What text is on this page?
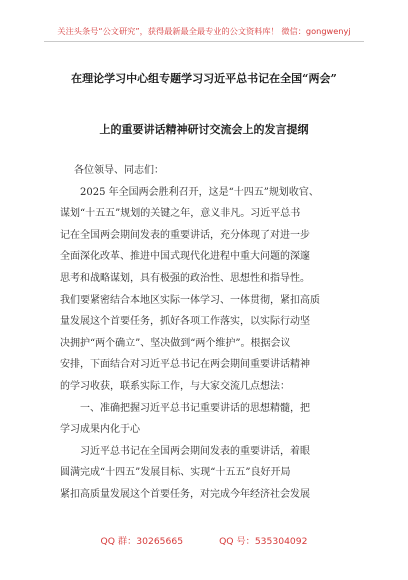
关注头条号“公文研究”，获得最新最全最专业的公文资料库！ 微信：gongwenyj
在理论学习中心组专题学习习近平总书记在全国“两会”
上的重要讲话精神研讨交流会上的发言提纲

各位领导、同志们：

　　2025 年全国两会胜利召开，这是“十四五”规划收官、
谋划“十五五”规划的关键之年，意义非凡。习近平总书
记在全国两会期间发表的重要讲话，充分体现了对进一步
全面深化改革、推进中国式现代化进程中重大问题的深邃
思考和战略谋划，具有极强的政治性、思想性和指导性。
我们要紧密结合本地区实际一体学习、一体贯彻，紧扣高质
量发展这个首要任务，抓好各项工作落实，以实际行动坚
决拥护“两个确立”、坚决做到“两个维护”。根据会议
安排，下面结合对习近平总书记在两会期间重要讲话精神
的学习收获，联系实际工作，与大家交流几点想法：
　　一、准确把握习近平总书记重要讲话的思想精髓，把
学习成果内化于心
　　习近平总书记在全国两会期间发表的重要讲话，着眼
圆满完成“十四五”发展目标、实现“十五五”良好开局
紧扣高质量发展这个首要任务，对完成今年经济社会发展
QQ 群：30265665	QQ 号：535304092
